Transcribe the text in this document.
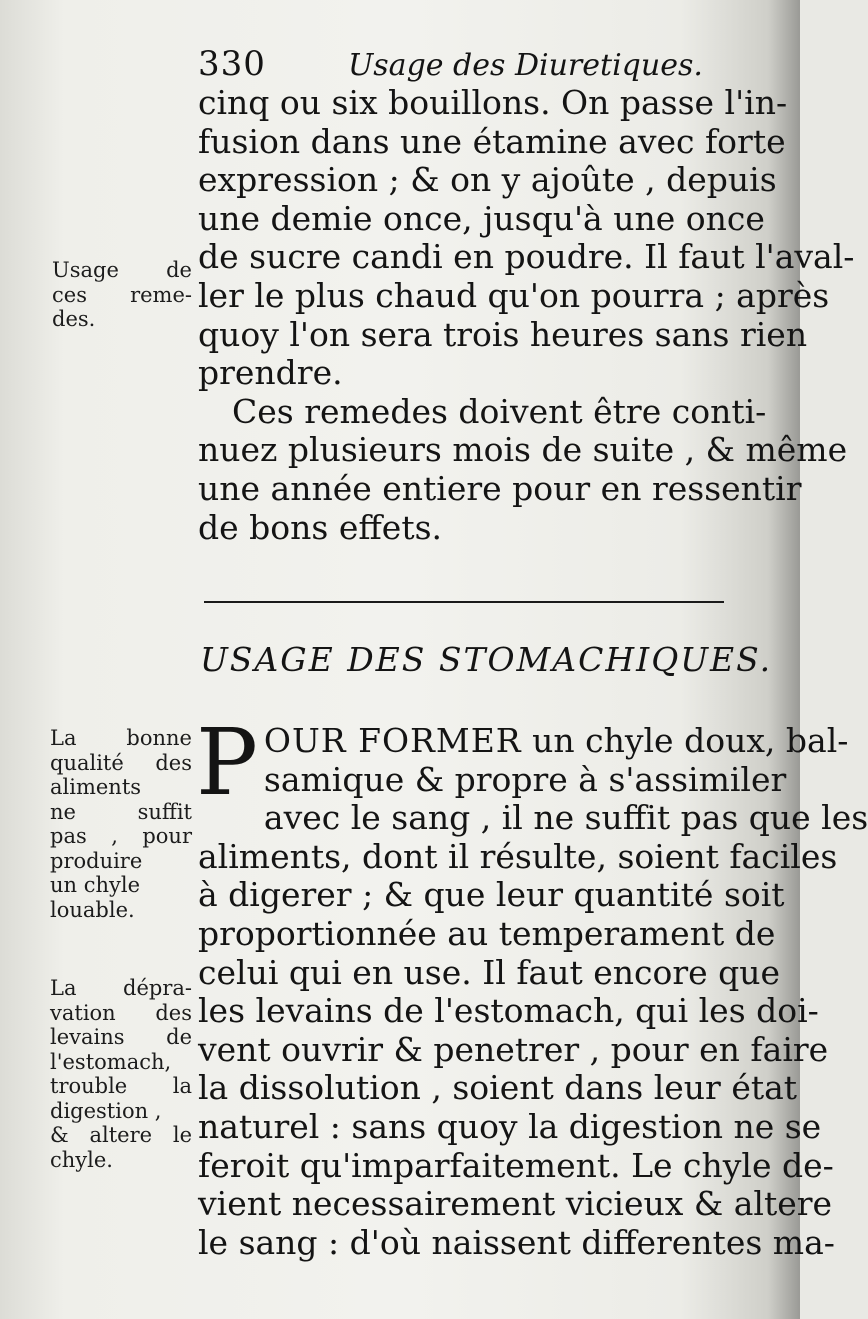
330	Usage des Diuretiques.

cinq ou six bouillons. On passe l'in-
fusion dans une étamine avec forte
expression ; & on y ajoûte , depuis
une demie once, jusqu'à une once
de sucre candi en poudre. Il faut l'aval-
ler le plus chaud qu'on pourra ; après
quoy l'on sera trois heures sans rien
prendre.

Ces remedes doivent être conti-
nuez plusieurs mois de suite , & même
une année entiere pour en ressentir
de bons effets.

Usage de
ces reme-
des.
USAGE DES STOMACHIQUES.
La bonne
qualité des
aliments
ne suffit
pas , pour
produire
un chyle
louable.
La dépra-
vation des
levains de
l'estomach,
trouble la
digestion ,
& altere le
chyle.

P OUR FORMER un chyle doux, bal-
samique & propre à s'assimiler
avec le sang , il ne suffit pas que les
aliments, dont il résulte, soient faciles
à digerer ; & que leur quantité soit
proportionnée au temperament de
celui qui en use. Il faut encore que
les levains de l'estomach, qui les doi-
vent ouvrir & penetrer , pour en faire
la dissolution , soient dans leur état
naturel : sans quoy la digestion ne se
feroit qu'imparfaitement. Le chyle de-
vient necessairement vicieux & altere
le sang : d'où naissent differentes ma-
